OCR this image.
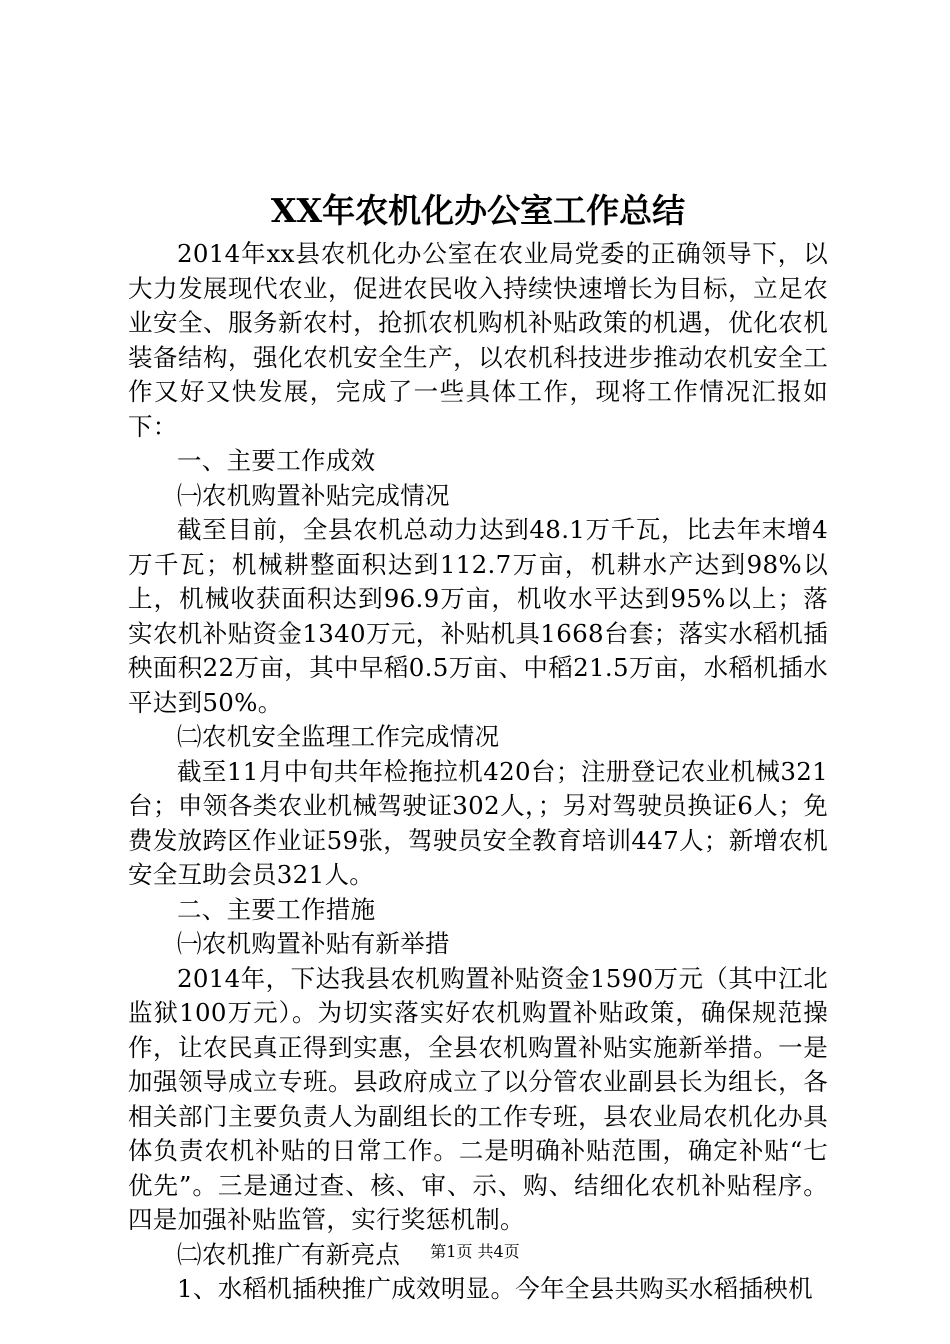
XX年农机化办公室工作总结

2014年xx县农机化办公室在农业局党委的正确领导下，以大力发展现代农业，促进农民收入持续快速增长为目标，立足农业安全、服务新农村，抢抓农机购机补贴政策的机遇，优化农机装备结构，强化农机安全生产，以农机科技进步推动农机安全工作又好又快发展，完成了一些具体工作，现将工作情况汇报如下：

一、主要工作成效

㈠农机购置补贴完成情况

截至目前，全县农机总动力达到48.1万千瓦，比去年末增4万千瓦；机械耕整面积达到112.7万亩，机耕水产达到98%以上，机械收获面积达到96.9万亩，机收水平达到95%以上；落实农机补贴资金1340万元，补贴机具1668台套；落实水稻机插秧面积22万亩，其中早稻0.5万亩、中稻21.5万亩，水稻机插水平达到50%。

㈡农机安全监理工作完成情况

截至11月中旬共年检拖拉机420台；注册登记农业机械321台；申领各类农业机械驾驶证302人，；另对驾驶员换证6人；免费发放跨区作业证59张，驾驶员安全教育培训447人；新增农机安全互助会员321人。

二、主要工作措施

㈠农机购置补贴有新举措

2014年，下达我县农机购置补贴资金1590万元（其中江北监狱100万元）。为切实落实好农机购置补贴政策，确保规范操作，让农民真正得到实惠，全县农机购置补贴实施新举措。一是加强领导成立专班。县政府成立了以分管农业副县长为组长，各相关部门主要负责人为副组长的工作专班，县农业局农机化办具体负责农机补贴的日常工作。二是明确补贴范围，确定补贴“七优先”。三是通过查、核、审、示、购、结细化农机补贴程序。四是加强补贴监管，实行奖惩机制。

㈡农机推广有新亮点

1、水稻机插秧推广成效明显。今年全县共购买水稻插秧机

第1页 共4页
